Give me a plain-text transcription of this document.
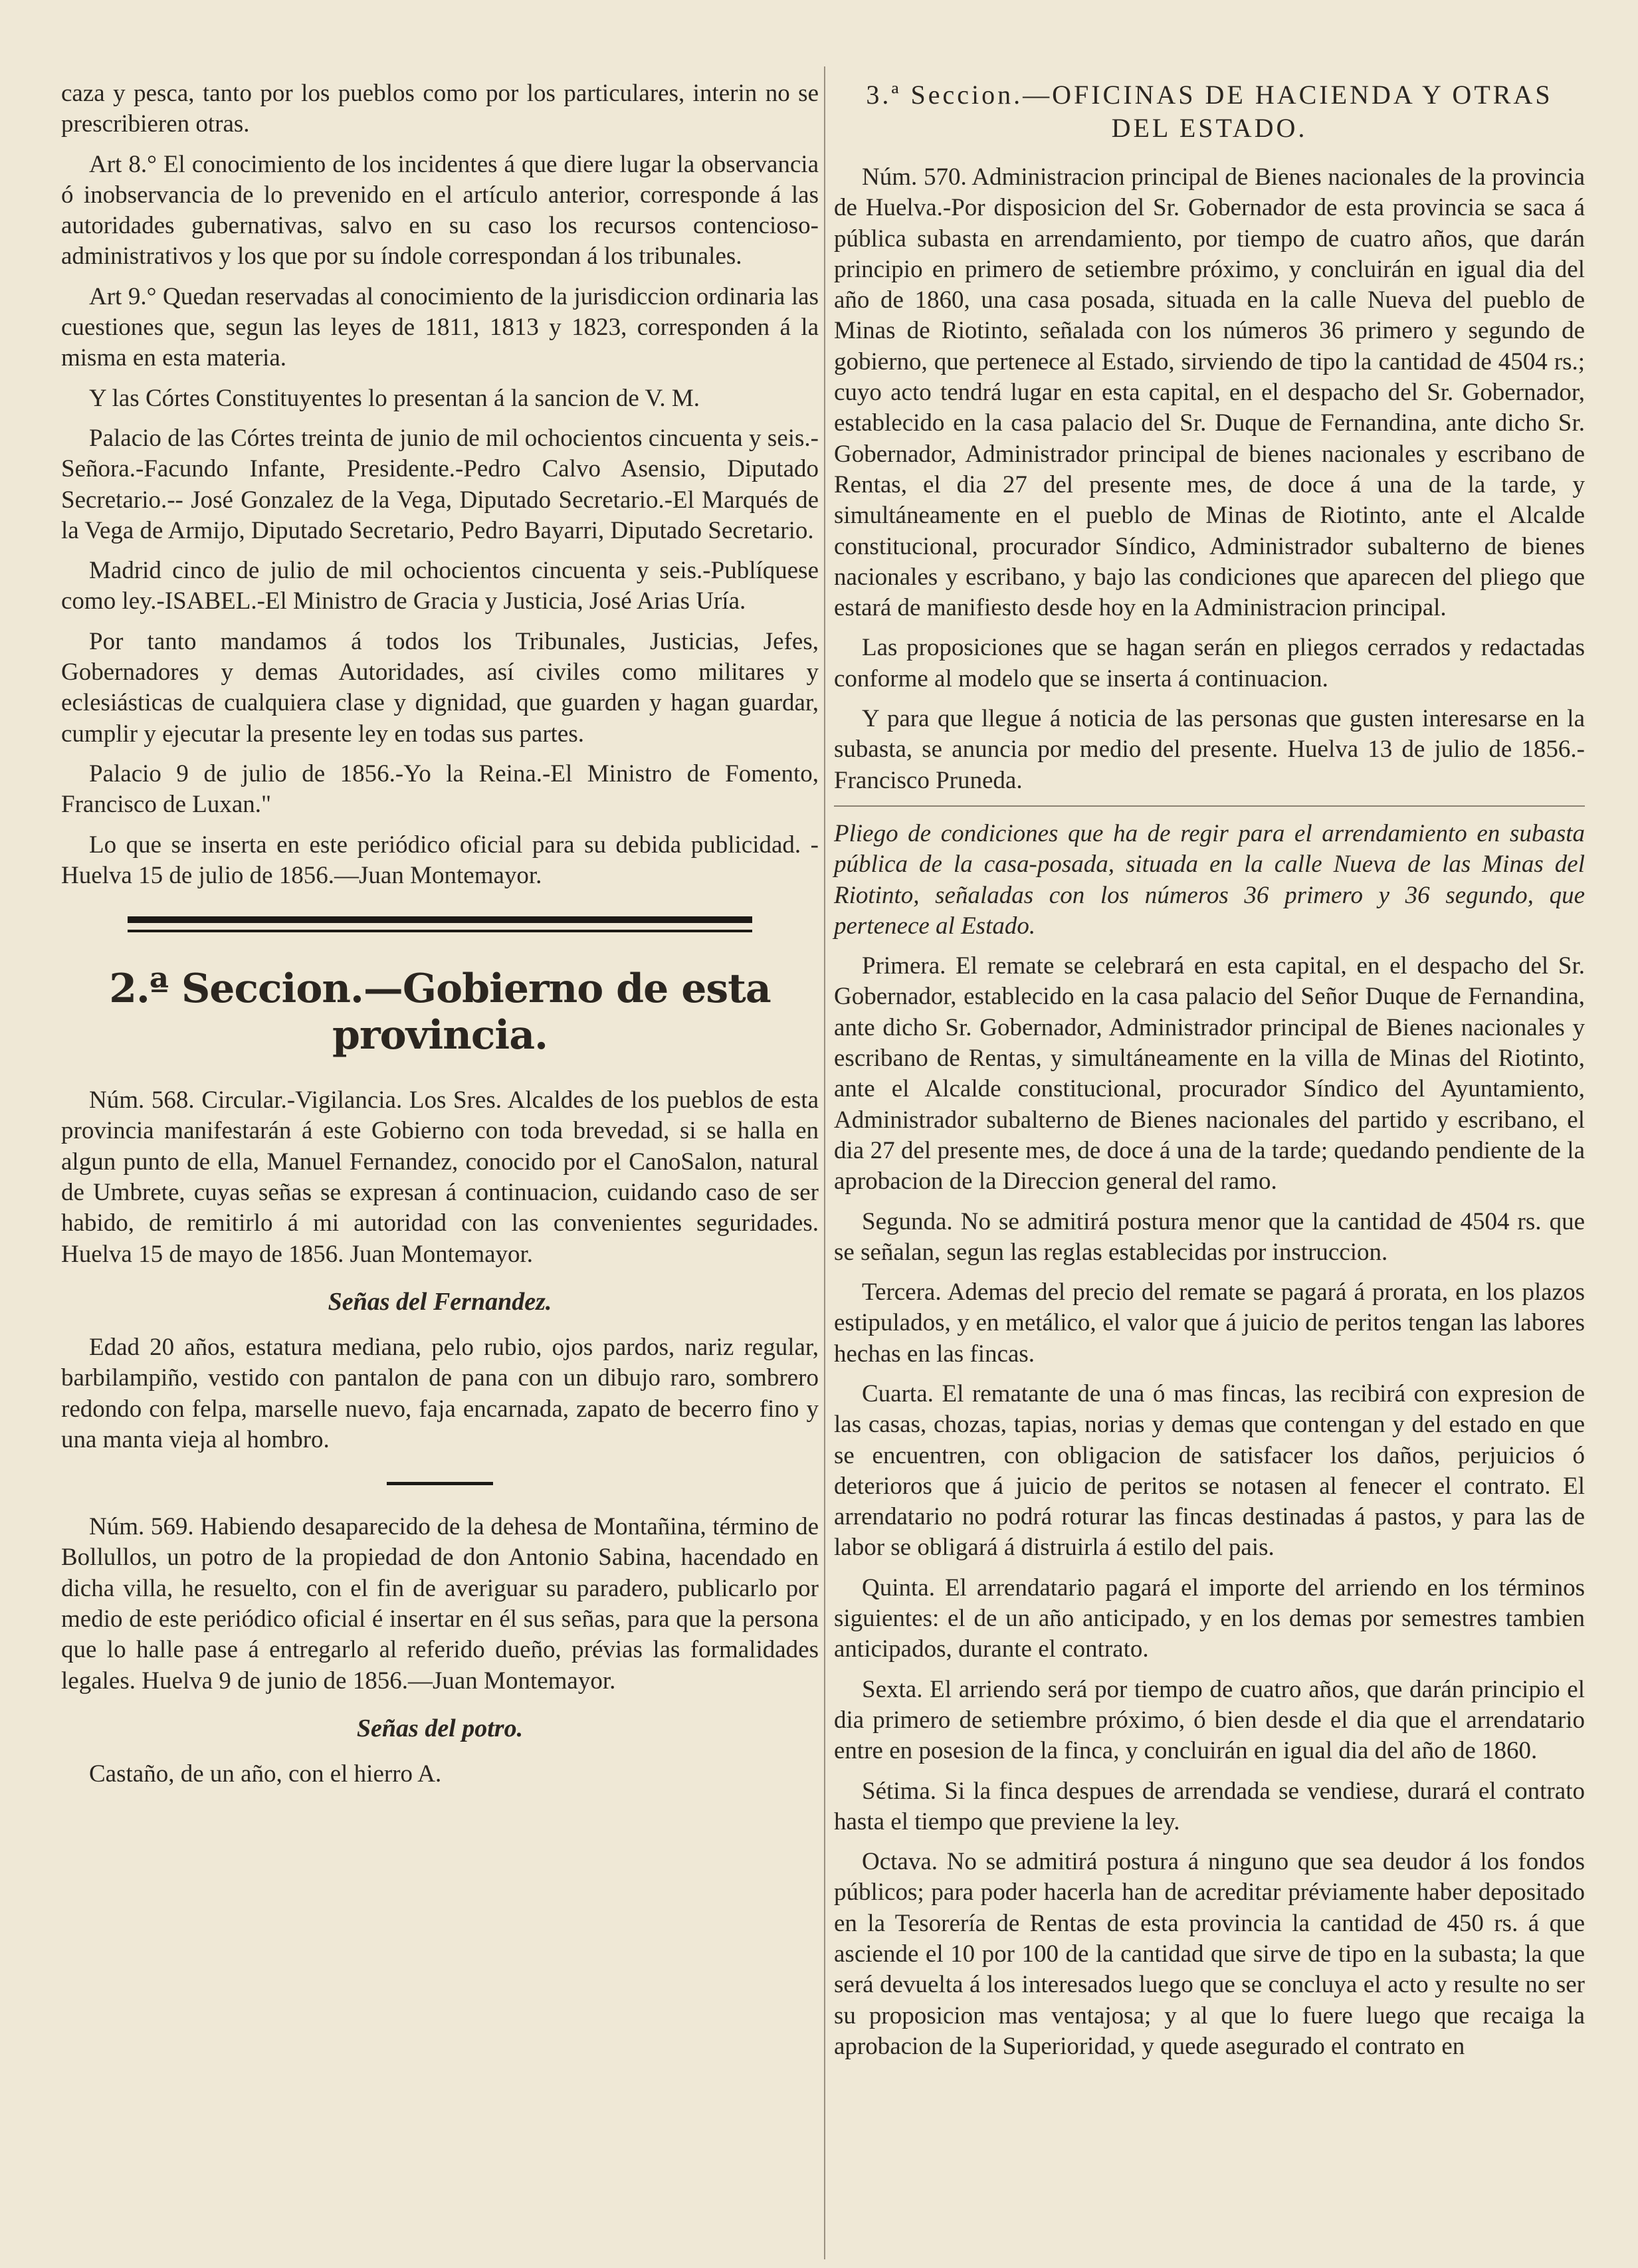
caza y pesca, tanto por los pueblos como por los particulares, interin no se prescribieren otras.

Art 8.° El conocimiento de los incidentes á que diere lugar la observancia ó inobservancia de lo prevenido en el artículo anterior, corresponde á las autoridades gubernativas, salvo en su caso los recursos contencioso-administrativos y los que por su índole correspondan á los tribunales.

Art 9.° Quedan reservadas al conocimiento de la jurisdiccion ordinaria las cuestiones que, segun las leyes de 1811, 1813 y 1823, corresponden á la misma en esta materia.

Y las Córtes Constituyentes lo presentan á la sancion de V. M.

Palacio de las Córtes treinta de junio de mil ochocientos cincuenta y seis.-Señora.-Facundo Infante, Presidente.-Pedro Calvo Asensio, Diputado Secretario.-- José Gonzalez de la Vega, Diputado Secretario.-El Marqués de la Vega de Armijo, Diputado Secretario, Pedro Bayarri, Diputado Secretario.

Madrid cinco de julio de mil ochocientos cincuenta y seis.-Publíquese como ley.-ISABEL.-El Ministro de Gracia y Justicia, José Arias Uría.

Por tanto mandamos á todos los Tribunales, Justicias, Jefes, Gobernadores y demas Autoridades, así civiles como militares y eclesiásticas de cualquiera clase y dignidad, que guarden y hagan guardar, cumplir y ejecutar la presente ley en todas sus partes.

Palacio 9 de julio de 1856.-Yo la Reina.-El Ministro de Fomento, Francisco de Luxan."

Lo que se inserta en este periódico oficial para su debida publicidad. -Huelva 15 de julio de 1856.—Juan Montemayor.

2.ª Seccion.—Gobierno de esta provincia.

Núm. 568. Circular.-Vigilancia. Los Sres. Alcaldes de los pueblos de esta provincia manifestarán á este Gobierno con toda brevedad, si se halla en algun punto de ella, Manuel Fernandez, conocido por el CanoSalon, natural de Umbrete, cuyas señas se expresan á continuacion, cuidando caso de ser habido, de remitirlo á mi autoridad con las convenientes seguridades. Huelva 15 de mayo de 1856. Juan Montemayor.

Señas del Fernandez.

Edad 20 años, estatura mediana, pelo rubio, ojos pardos, nariz regular, barbilampiño, vestido con pantalon de pana con un dibujo raro, sombrero redondo con felpa, marselle nuevo, faja encarnada, zapato de becerro fino y una manta vieja al hombro.

Núm. 569. Habiendo desaparecido de la dehesa de Montañina, término de Bollullos, un potro de la propiedad de don Antonio Sabina, hacendado en dicha villa, he resuelto, con el fin de averiguar su paradero, publicarlo por medio de este periódico oficial é insertar en él sus señas, para que la persona que lo halle pase á entregarlo al referido dueño, prévias las formalidades legales. Huelva 9 de junio de 1856.—Juan Montemayor.

Señas del potro.

Castaño, de un año, con el hierro A.

3.ª Seccion.—OFICINAS DE HACIENDA Y OTRAS DEL ESTADO.

Núm. 570. Administracion principal de Bienes nacionales de la provincia de Huelva.-Por disposicion del Sr. Gobernador de esta provincia se saca á pública subasta en arrendamiento, por tiempo de cuatro años, que darán principio en primero de setiembre próximo, y concluirán en igual dia del año de 1860, una casa posada, situada en la calle Nueva del pueblo de Minas de Riotinto, señalada con los números 36 primero y segundo de gobierno, que pertenece al Estado, sirviendo de tipo la cantidad de 4504 rs.; cuyo acto tendrá lugar en esta capital, en el despacho del Sr. Gobernador, establecido en la casa palacio del Sr. Duque de Fernandina, ante dicho Sr. Gobernador, Administrador principal de bienes nacionales y escribano de Rentas, el dia 27 del presente mes, de doce á una de la tarde, y simultáneamente en el pueblo de Minas de Riotinto, ante el Alcalde constitucional, procurador Síndico, Administrador subalterno de bienes nacionales y escribano, y bajo las condiciones que aparecen del pliego que estará de manifiesto desde hoy en la Administracion principal.

Las proposiciones que se hagan serán en pliegos cerrados y redactadas conforme al modelo que se inserta á continuacion.

Y para que llegue á noticia de las personas que gusten interesarse en la subasta, se anuncia por medio del presente. Huelva 13 de julio de 1856.-Francisco Pruneda.

Pliego de condiciones que ha de regir para el arrendamiento en subasta pública de la casa-posada, situada en la calle Nueva de las Minas del Riotinto, señaladas con los números 36 primero y 36 segundo, que pertenece al Estado.

Primera. El remate se celebrará en esta capital, en el despacho del Sr. Gobernador, establecido en la casa palacio del Señor Duque de Fernandina, ante dicho Sr. Gobernador, Administrador principal de Bienes nacionales y escribano de Rentas, y simultáneamente en la villa de Minas del Riotinto, ante el Alcalde constitucional, procurador Síndico del Ayuntamiento, Administrador subalterno de Bienes nacionales del partido y escribano, el dia 27 del presente mes, de doce á una de la tarde; quedando pendiente de la aprobacion de la Direccion general del ramo.

Segunda. No se admitirá postura menor que la cantidad de 4504 rs. que se señalan, segun las reglas establecidas por instruccion.

Tercera. Ademas del precio del remate se pagará á prorata, en los plazos estipulados, y en metálico, el valor que á juicio de peritos tengan las labores hechas en las fincas.

Cuarta. El rematante de una ó mas fincas, las recibirá con expresion de las casas, chozas, tapias, norias y demas que contengan y del estado en que se encuentren, con obligacion de satisfacer los daños, perjuicios ó deterioros que á juicio de peritos se notasen al fenecer el contrato. El arrendatario no podrá roturar las fincas destinadas á pastos, y para las de labor se obligará á distruirla á estilo del pais.

Quinta. El arrendatario pagará el importe del arriendo en los términos siguientes: el de un año anticipado, y en los demas por semestres tambien anticipados, durante el contrato.

Sexta. El arriendo será por tiempo de cuatro años, que darán principio el dia primero de setiembre próximo, ó bien desde el dia que el arrendatario entre en posesion de la finca, y concluirán en igual dia del año de 1860.

Sétima. Si la finca despues de arrendada se vendiese, durará el contrato hasta el tiempo que previene la ley.

Octava. No se admitirá postura á ninguno que sea deudor á los fondos públicos; para poder hacerla han de acreditar préviamente haber depositado en la Tesorería de Rentas de esta provincia la cantidad de 450 rs. á que asciende el 10 por 100 de la cantidad que sirve de tipo en la subasta; la que será devuelta á los interesados luego que se concluya el acto y resulte no ser su proposicion mas ventajosa; y al que lo fuere luego que recaiga la aprobacion de la Superioridad, y quede asegurado el contrato en
